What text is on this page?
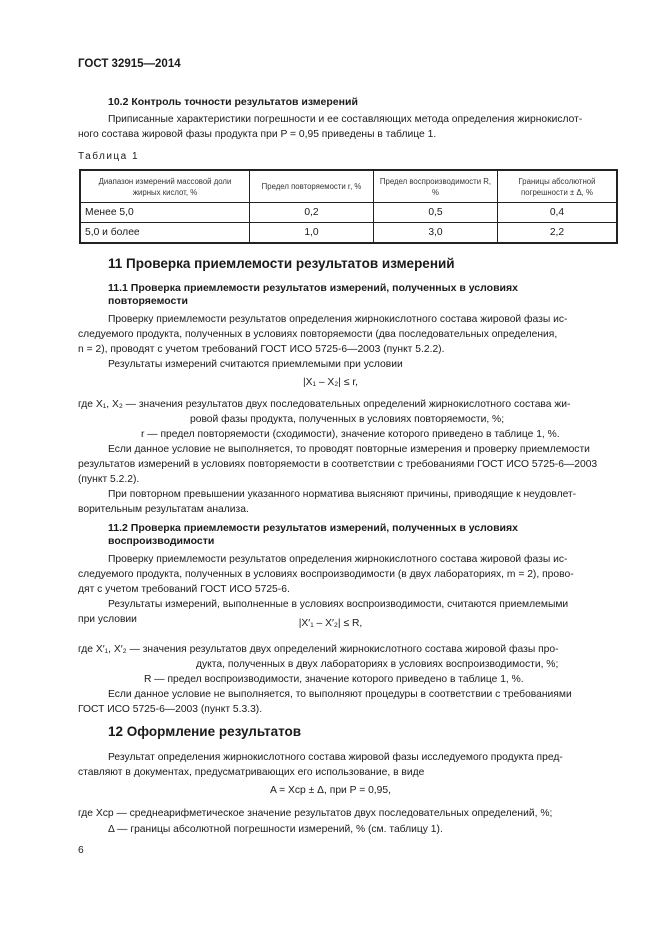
ГОСТ 32915—2014
10.2 Контроль точности результатов измерений
Приписанные характеристики погрешности и ее составляющих метода определения жирнокислот-
ного состава жировой фазы продукта при P = 0,95 приведены в таблице 1.
Таблица 1
Диапазон измерений массовой доли жирных кислот, %	Предел повторяемости r, %	Предел воспроизводимости R, %	Границы абсолютной погрешности ± Δ, %
Менее 5,0	0,2	0,5	0,4
5,0 и более	1,0	3,0	2,2
11 Проверка приемлемости результатов измерений
11.1 Проверка приемлемости результатов измерений, полученных в условиях
повторяемости
Проверку приемлемости результатов определения жирнокислотного состава жировой фазы ис-
следуемого продукта, полученных в условиях повторяемости (два последовательных определения,
n = 2), проводят с учетом требований ГОСТ ИСО 5725-6—2003 (пункт 5.2.2).
Результаты измерений считаются приемлемыми при условии
|X₁ – X₂| ≤ r,
где X₁, X₂ — значения результатов двух последовательных определений жирнокислотного состава жи-
ровой фазы продукта, полученных в условиях повторяемости, %;
r — предел повторяемости (сходимости), значение которого приведено в таблице 1, %.
Если данное условие не выполняется, то проводят повторные измерения и проверку приемлемости
результатов измерений в условиях повторяемости в соответствии с требованиями ГОСТ ИСО 5725-6—2003
(пункт 5.2.2).
При повторном превышении указанного норматива выясняют причины, приводящие к неудовлет-
ворительным результатам анализа.
11.2 Проверка приемлемости результатов измерений, полученных в условиях
воспроизводимости
Проверку приемлемости результатов определения жирнокислотного состава жировой фазы ис-
следуемого продукта, полученных в условиях воспроизводимости (в двух лабораториях, m = 2), прово-
дят с учетом требований ГОСТ ИСО 5725-6.
Результаты измерений, выполненные в условиях воспроизводимости, считаются приемлемыми
при условии	|X′₁ – X′₂| ≤ R,
где X′₁, X′₂ — значения результатов двух определений жирнокислотного состава жировой фазы про-
дукта, полученных в двух лабораториях в условиях воспроизводимости, %;
R — предел воспроизводимости, значение которого приведено в таблице 1, %.
Если данное условие не выполняется, то выполняют процедуры в соответствии с требованиями
ГОСТ ИСО 5725-6—2003 (пункт 5.3.3).
12 Оформление результатов
Результат определения жирнокислотного состава жировой фазы исследуемого продукта пред-
ставляют в документах, предусматривающих его использование, в виде
A = Xср ± Δ, при P = 0,95,
где Xср — среднеарифметическое значение результатов двух последовательных определений, %;
Δ — границы абсолютной погрешности измерений, % (см. таблицу 1).
6
